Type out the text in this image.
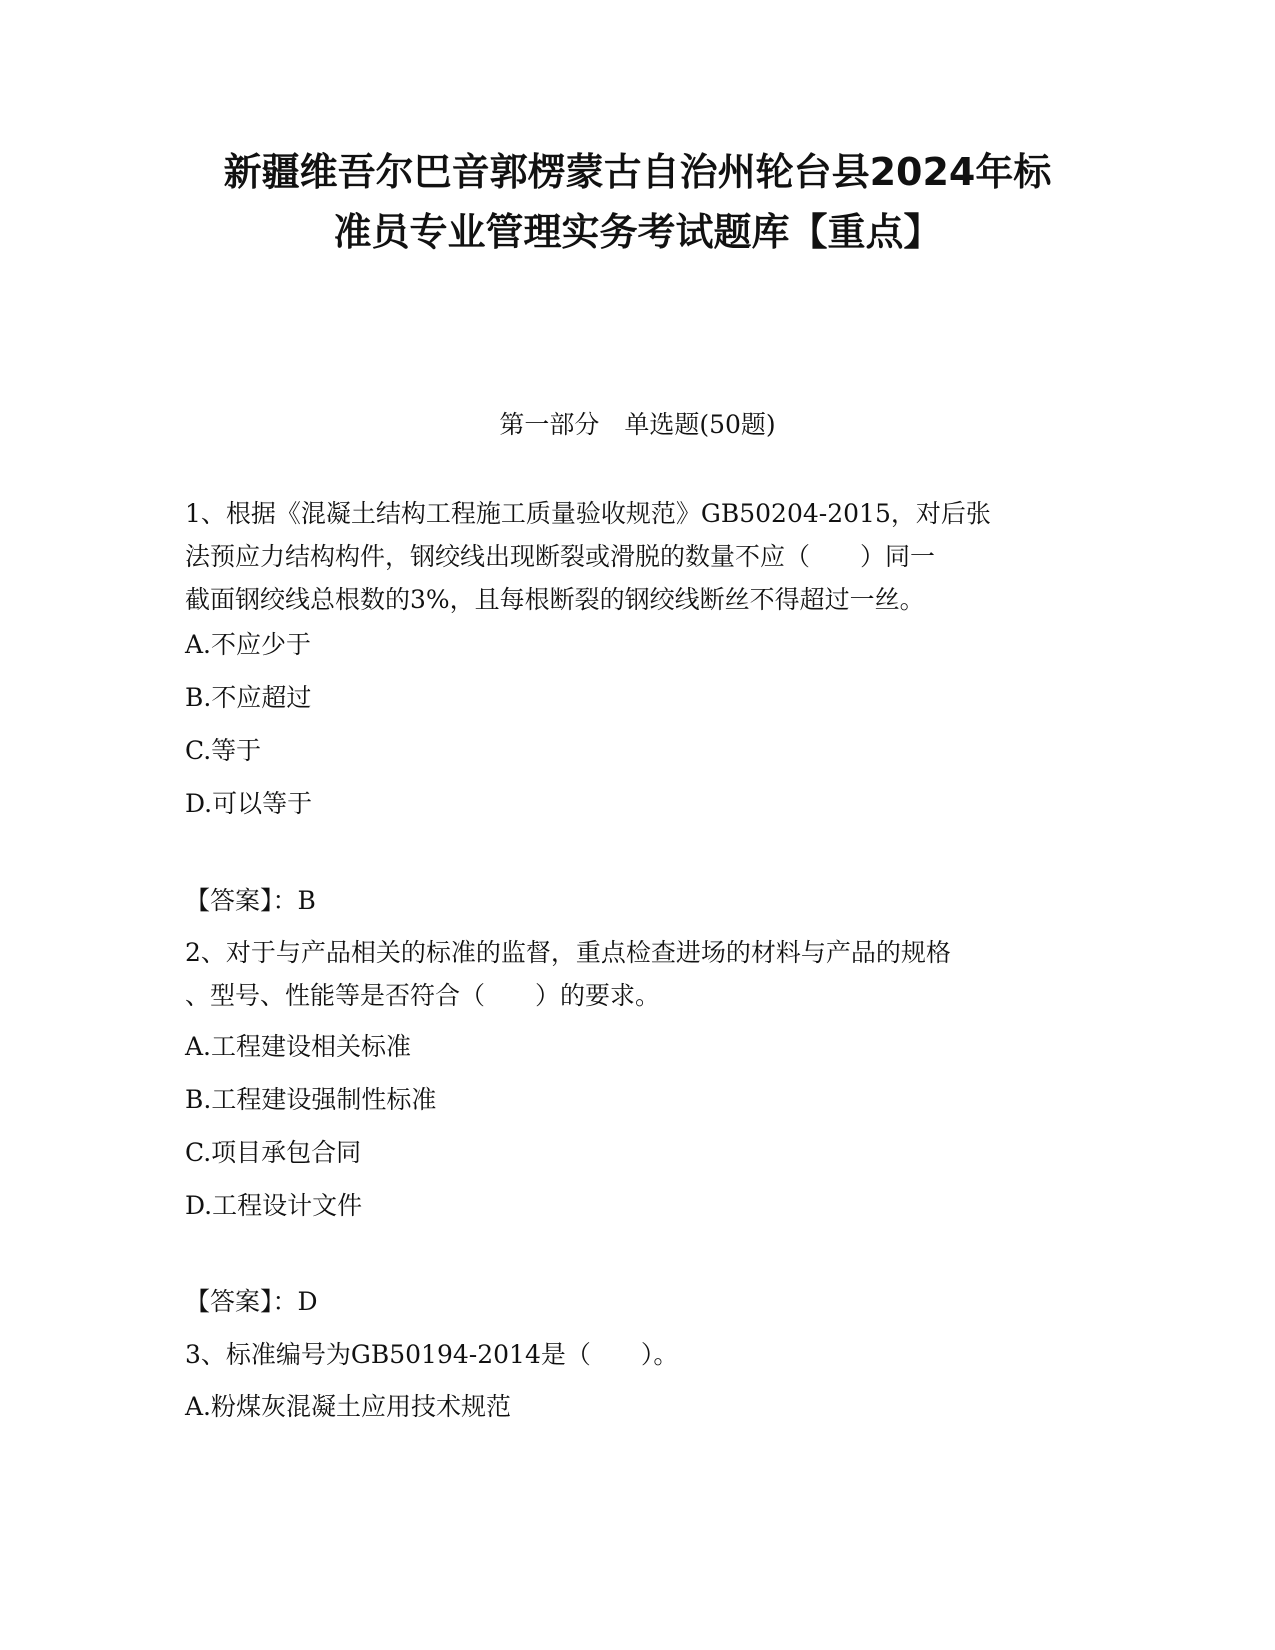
新疆维吾尔巴音郭楞蒙古自治州轮台县2024年标
准员专业管理实务考试题库【重点】
第一部分　单选题(50题)
1、根据《混凝土结构工程施工质量验收规范》GB50204-2015，对后张
法预应力结构构件，钢绞线出现断裂或滑脱的数量不应（　　）同一
截面钢绞线总根数的3%，且每根断裂的钢绞线断丝不得超过一丝。
A.不应少于
B.不应超过
C.等于
D.可以等于
【答案】：B
2、对于与产品相关的标准的监督，重点检查进场的材料与产品的规格
、型号、性能等是否符合（　　）的要求。
A.工程建设相关标准
B.工程建设强制性标准
C.项目承包合同
D.工程设计文件
【答案】：D
3、标准编号为GB50194-2014是（　　）。
A.粉煤灰混凝土应用技术规范
